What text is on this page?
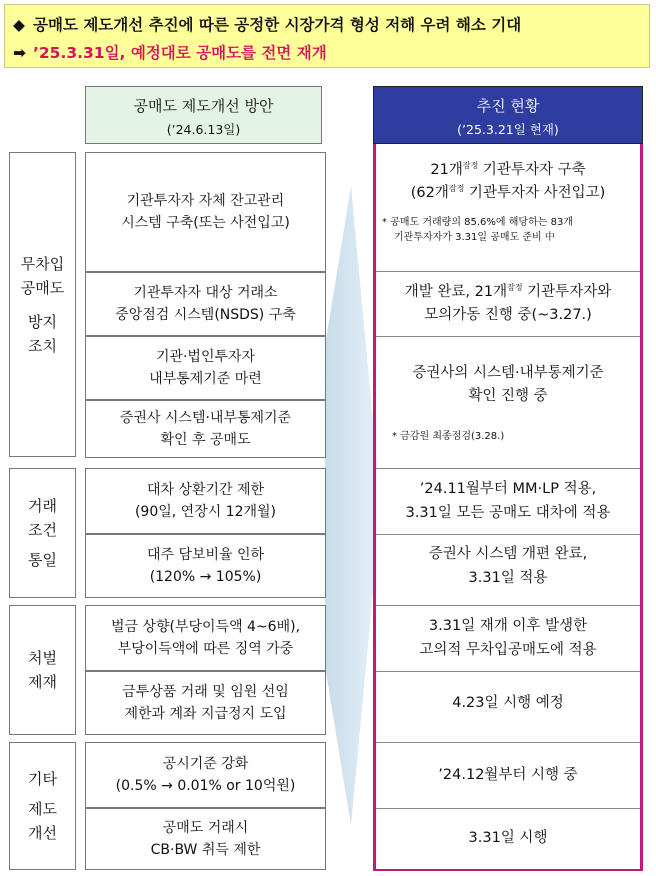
◆ 공매도 제도개선 추진에 따른 공정한 시장가격 형성 저해 우려 해소 기대
➡ ’25.3.31일, 예정대로 공매도를 전면 재개
공매도 제도개선 방안
(’24.6.13일)
추진 현황
(’25.3.21일 현재)
무차입
공매도
방지
조치
거래
조건
통일
처벌
제재
기타
제도
개선
기관투자자 자체 잔고관리
시스템 구축(또는 사전입고)
기관투자자 대상 거래소
중앙점검 시스템(NSDS) 구축
기관·법인투자자
내부통제기준 마련
증권사 시스템·내부통제기준
확인 후 공매도
대차 상환기간 제한
(90일, 연장시 12개월)
대주 담보비율 인하
(120% → 105%)
벌금 상향(부당이득액 4~6배),
부당이득액에 따른 징역 가중
금투상품 거래 및 임원 선임
제한과 계좌 지급정지 도입
공시기준 강화
(0.5% → 0.01% or 10억원)
공매도 거래시
CB·BW 취득 제한
21개$^{잠정}$ 기관투자자 구축
(62개$^{잠정}$ 기관투자자 사전입고)
* 공매도 거래량의 85.6%에 해당하는 83개
기관투자자가 3.31일 공매도 준비 中
개발 완료, 21개$^{잠정}$ 기관투자자와
모의가동 진행 중(~3.27.)
증권사의 시스템·내부통제기준
확인 진행 중
* 금감원 최종점검(3.28.)
’24.11월부터 MM·LP 적용,
3.31일 모든 공매도 대차에 적용
증권사 시스템 개편 완료,
3.31일 적용
3.31일 재개 이후 발생한
고의적 무차입공매도에 적용
4.23일 시행 예정
’24.12월부터 시행 중
3.31일 시행
